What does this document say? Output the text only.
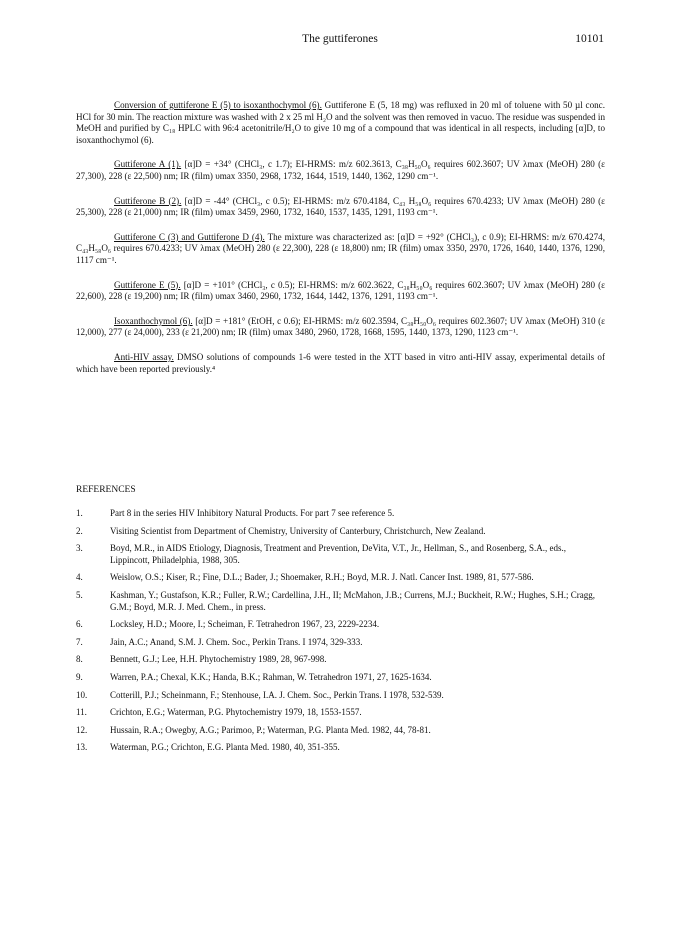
The guttiferones	10101

Conversion of guttiferone E (5) to isoxanthochymol (6). Guttiferone E (5, 18 mg) was refluxed in 20 ml of toluene with 50 µl conc. HCl for 30 min. The reaction mixture was washed with 2 x 25 ml H₂O and the solvent was then removed in vacuo. The residue was suspended in MeOH and purified by C₁₈ HPLC with 96:4 acetonitrile/H₂O to give 10 mg of a compound that was identical in all respects, including [α]D, to isoxanthochymol (6).

Guttiferone A (1). [α]D = +34° (CHCl₃, c 1.7); EI-HRMS: m/z 602.3613, C₃₈H₅₀O₆ requires 602.3607; UV λmax (MeOH) 280 (ε 27,300), 228 (ε 22,500) nm; IR (film) υmax 3350, 2968, 1732, 1644, 1519, 1440, 1362, 1290 cm⁻¹.

Guttiferone B (2). [α]D = -44° (CHCl₃, c 0.5); EI-HRMS: m/z 670.4184, C₄₃ H₅₈O₆ requires 670.4233; UV λmax (MeOH) 280 (ε 25,300), 228 (ε 21,000) nm; IR (film) υmax 3459, 2960, 1732, 1640, 1537, 1435, 1291, 1193 cm⁻¹.

Guttiferone C (3) and Guttiferone D (4). The mixture was characterized as: [α]D = +92° (CHCl₃), c 0.9); EI-HRMS: m/z 670.4274, C₄₃H₅₈O₆ requires 670.4233; UV λmax (MeOH) 280 (ε 22,300), 228 (ε 18,800) nm; IR (film) υmax 3350, 2970, 1726, 1640, 1440, 1376, 1290, 1117 cm⁻¹.

Guttiferone E (5). [α]D = +101° (CHCl₃, c 0.5); EI-HRMS: m/z 602.3622, C₃₈H₅₀O₆ requires 602.3607; UV λmax (MeOH) 280 (ε 22,600), 228 (ε 19,200) nm; IR (film) υmax 3460, 2960, 1732, 1644, 1442, 1376, 1291, 1193 cm⁻¹.

Isoxanthochymol (6). [α]D = +181° (EtOH, c 0.6); EI-HRMS: m/z 602.3594, C₃₈H₅₀O₆ requires 602.3607; UV λmax (MeOH) 310 (ε 12,000), 277 (ε 24,000), 233 (ε 21,200) nm; IR (film) υmax 3480, 2960, 1728, 1668, 1595, 1440, 1373, 1290, 1123 cm⁻¹.

Anti-HIV assay. DMSO solutions of compounds 1-6 were tested in the XTT based in vitro anti-HIV assay, experimental details of which have been reported previously.⁴

REFERENCES
1.	Part 8 in the series HIV Inhibitory Natural Products. For part 7 see reference 5.
2.	Visiting Scientist from Department of Chemistry, University of Canterbury, Christchurch, New Zealand.
3.	Boyd, M.R., in AIDS Etiology, Diagnosis, Treatment and Prevention, DeVita, V.T., Jr., Hellman, S., and Rosenberg, S.A., eds., Lippincott, Philadelphia, 1988, 305.
4.	Weislow, O.S.; Kiser, R.; Fine, D.L.; Bader, J.; Shoemaker, R.H.; Boyd, M.R. J. Natl. Cancer Inst. 1989, 81, 577-586.
5.	Kashman, Y.; Gustafson, K.R.; Fuller, R.W.; Cardellina, J.H., II; McMahon, J.B.; Currens, M.J.; Buckheit, R.W.; Hughes, S.H.; Cragg, G.M.; Boyd, M.R. J. Med. Chem., in press.
6.	Locksley, H.D.; Moore, I.; Scheiman, F. Tetrahedron 1967, 23, 2229-2234.
7.	Jain, A.C.; Anand, S.M. J. Chem. Soc., Perkin Trans. I 1974, 329-333.
8.	Bennett, G.J.; Lee, H.H. Phytochemistry 1989, 28, 967-998.
9.	Warren, P.A.; Chexal, K.K.; Handa, B.K.; Rahman, W. Tetrahedron 1971, 27, 1625-1634.
10.	Cotterill, P.J.; Scheinmann, F.; Stenhouse, I.A. J. Chem. Soc., Perkin Trans. I 1978, 532-539.
11.	Crichton, E.G.; Waterman, P.G. Phytochemistry 1979, 18, 1553-1557.
12.	Hussain, R.A.; Owegby, A.G.; Parimoo, P.; Waterman, P.G. Planta Med. 1982, 44, 78-81.
13.	Waterman, P.G.; Crichton, E.G. Planta Med. 1980, 40, 351-355.
